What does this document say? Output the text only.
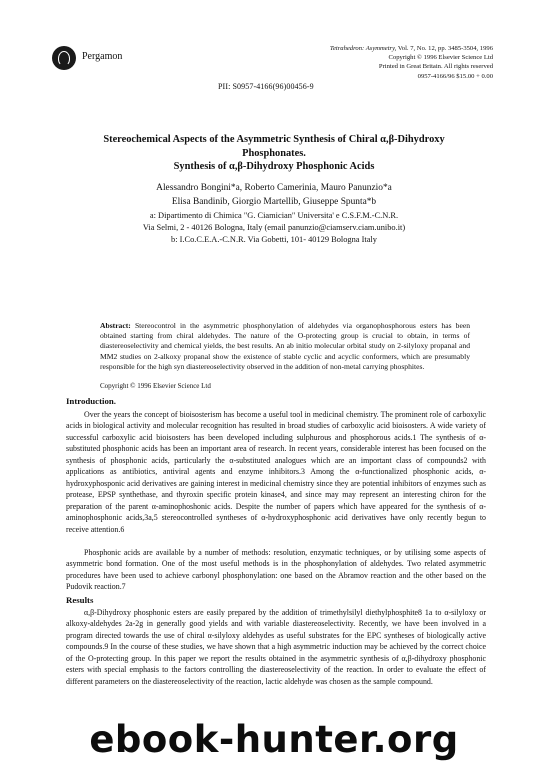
Pergamon
Tetrahedron: Asymmetry, Vol. 7, No. 12, pp. 3485-3504, 1996
Copyright © 1996 Elsevier Science Ltd
Printed in Great Britain. All rights reserved
0957-4166/96 $15.00 + 0.00
PII: S0957-4166(96)00456-9
Stereochemical Aspects of the Asymmetric Synthesis of Chiral α,β-Dihydroxy
Phosphonates.
Synthesis of α,β-Dihydroxy Phosphonic Acids
Alessandro Bongini*a, Roberto Camerinia, Mauro Panunzio*a
Elisa Bandinib, Giorgio Martellib, Giuseppe Spunta*b
a: Dipartimento di Chimica "G. Ciamician" Universita' e C.S.F.M.-C.N.R.
Via Selmi, 2 - 40126 Bologna, Italy (email panunzio@ciamserv.ciam.unibo.it)
b: I.Co.C.E.A.-C.N.R. Via Gobetti, 101- 40129 Bologna Italy
Abstract: Stereocontrol in the asymmetric phosphonylation of aldehydes via organophosphorous esters has been obtained starting from chiral aldehydes. The nature of the O-protecting group is crucial to obtain, in terms of diastereoselectivity and chemical yields, the best results. An ab initio molecular orbital study on 2-silyloxy propanal and MM2 studies on 2-alkoxy propanal show the existence of stable cyclic and acyclic conformers, which are presumably responsible for the high syn diastereoselectivity observed in the addition of non-metal carrying phosphites.
Copyright © 1996 Elsevier Science Ltd
Introduction.
Over the years the concept of bioisosterism has become a useful tool in medicinal chemistry. The prominent role of carboxylic acids in biological activity and molecular recognition has resulted in broad studies of carboxylic acid bioisosters. A wide variety of successful carboxylic acid bioisosters has been developed including sulphurous and phosphorous acids.1 The synthesis of α-substituted phosphonic acids has been an important area of research. In recent years, considerable interest has been focused on the synthesis of phosphonic acids, particularly the α-substituted analogues which are an important class of compounds2 with applications as antibiotics, antiviral agents and enzyme inhibitors.3 Among the α-functionalized phosphonic acids, α-hydroxyphosponic acid derivatives are gaining interest in medicinal chemistry since they are potential inhibitors of enzymes such as protease, EPSP synthethase, and thyroxin specific protein kinase4, and since may may represent an interesting chiron for the preparation of the parent α-aminophoshonic acids. Despite the number of papers which have appeared for the synthesis of α-aminophosphonic acids,3a,5 stereocontrolled syntheses of α-hydroxyphosphonic acid derivatives have only recently begun to receive attention.6
Phosphonic acids are available by a number of methods: resolution, enzymatic techniques, or by utilising some aspects of asymmetric bond formation. One of the most useful methods is in the phosphonylation of aldehydes. Two related asymmetric procedures have been used to achieve carbonyl phosphonylation: one based on the Abramov reaction and the other based on the Pudovik reaction.7
Results
α,β-Dihydroxy phosphonic esters are easily prepared by the addition of trimethylsilyl diethylphosphite8 1a to α-silyloxy or alkoxy-aldehydes 2a-2g in generally good yields and with variable diastereoselectivity. Recently, we have been involved in a program directed towards the use of chiral α-silyloxy aldehydes as useful substrates for the EPC syntheses of biologically active compounds.9 In the course of these studies, we have shown that a high asymmetric induction may be achieved by the correct choice of the O-protecting group. In this paper we report the results obtained in the asymmetric synthesis of α,β-dihydroxy phosphonic esters with special emphasis to the factors controlling the diastereoselectivity of the reaction. In order to evaluate the effect of different parameters on the diastereoselectivity of the reaction, lactic aldehyde was chosen as the sample compound.
ebook-hunter.org
